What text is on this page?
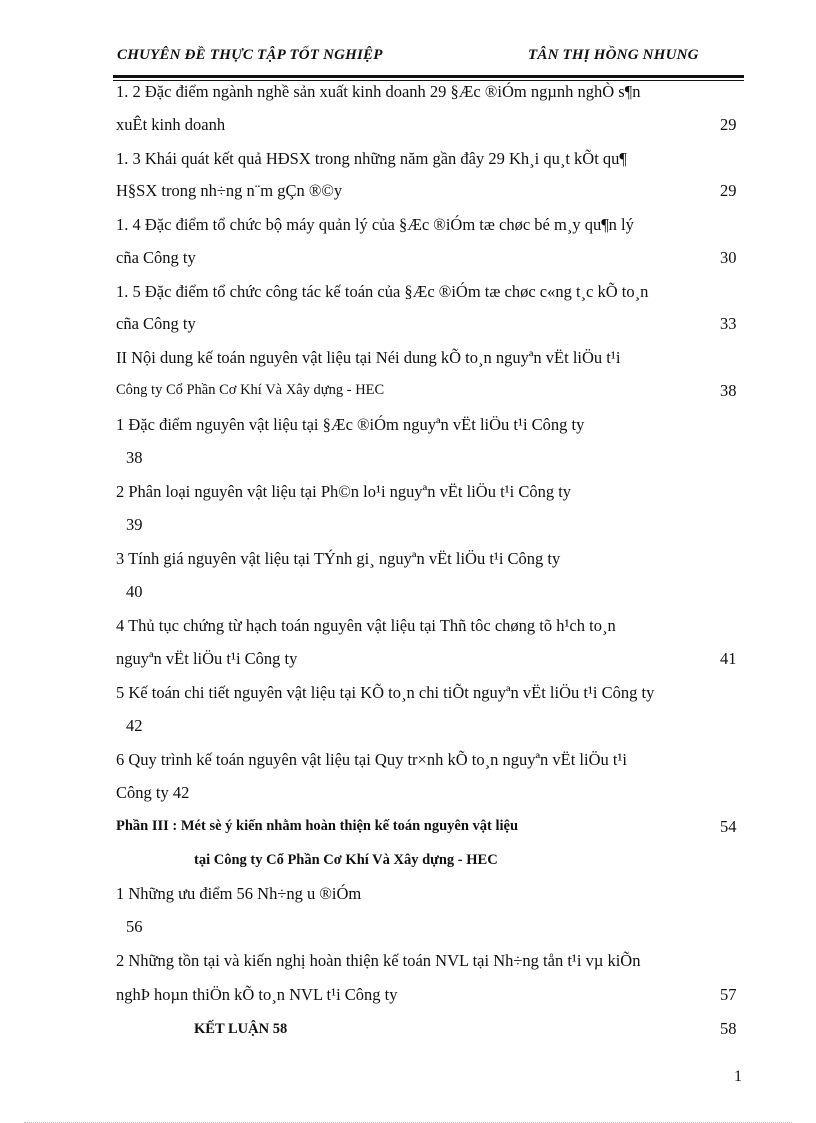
CHUYÊN ĐỀ THỰC TẬP TỐT NGHIỆP	TÂN THỊ HỒNG NHUNG
1. 2 Đặc điểm ngành nghề sản xuất kinh doanh 29 §Æc ®iÓm ngµnh nghÒ s¶n
xuÊt kinh doanh	29
1. 3 Khái quát kết quả HĐSX trong những năm gần đây 29 Kh¸i qu¸t kÕt qu¶
H§SX trong nh÷ng n¨m gÇn ®©y	29
1. 4 Đặc điểm tổ chức bộ máy quản lý của §Æc ®iÓm tæ chøc bé m¸y qu¶n lý
cña Công ty	30
1. 5 Đặc điểm tổ chức công tác kế toán của §Æc ®iÓm tæ chøc c«ng t¸c kÕ to¸n
cña Công ty	33
II Nội dung kế toán nguyên vật liệu tại Néi dung kÕ to¸n nguyªn vËt liÖu t¹i
Công ty Cổ Phần Cơ Khí Và Xây dựng - HEC	38
1 Đặc điểm nguyên vật liệu tại §Æc ®iÓm nguyªn vËt liÖu t¹i Công ty
38
2 Phân loại nguyên vật liệu tại Ph©n lo¹i nguyªn vËt liÖu t¹i Công ty
39
3 Tính giá nguyên vật liệu tại TÝnh gi¸ nguyªn vËt liÖu t¹i Công ty
40
4 Thủ tục chứng từ hạch toán nguyên vật liệu tại Thñ tôc chøng tõ h¹ch to¸n
nguyªn vËt liÖu t¹i Công ty	41
5 Kế toán chi tiết nguyên vật liệu tại KÕ to¸n chi tiÕt nguyªn vËt liÖu t¹i Công ty
42
6 Quy trình kế toán nguyên vật liệu tại Quy tr×nh kÕ to¸n nguyªn vËt liÖu t¹i
Công ty 42
Phần III : Mét sè ý kiến nhằm hoàn thiện kế toán nguyên vật liệu	54
tại Công ty Cổ Phần Cơ Khí Và Xây dựng - HEC
1 Những ưu điểm 56 Nh÷ng u ®iÓm
56
2 Những tồn tại và kiến nghị hoàn thiện kế toán NVL tại Nh÷ng tån t¹i vµ kiÕn
nghÞ hoµn thiÖn kÕ to¸n NVL t¹i Công ty	57
KẾT LUẬN 58	58
1
